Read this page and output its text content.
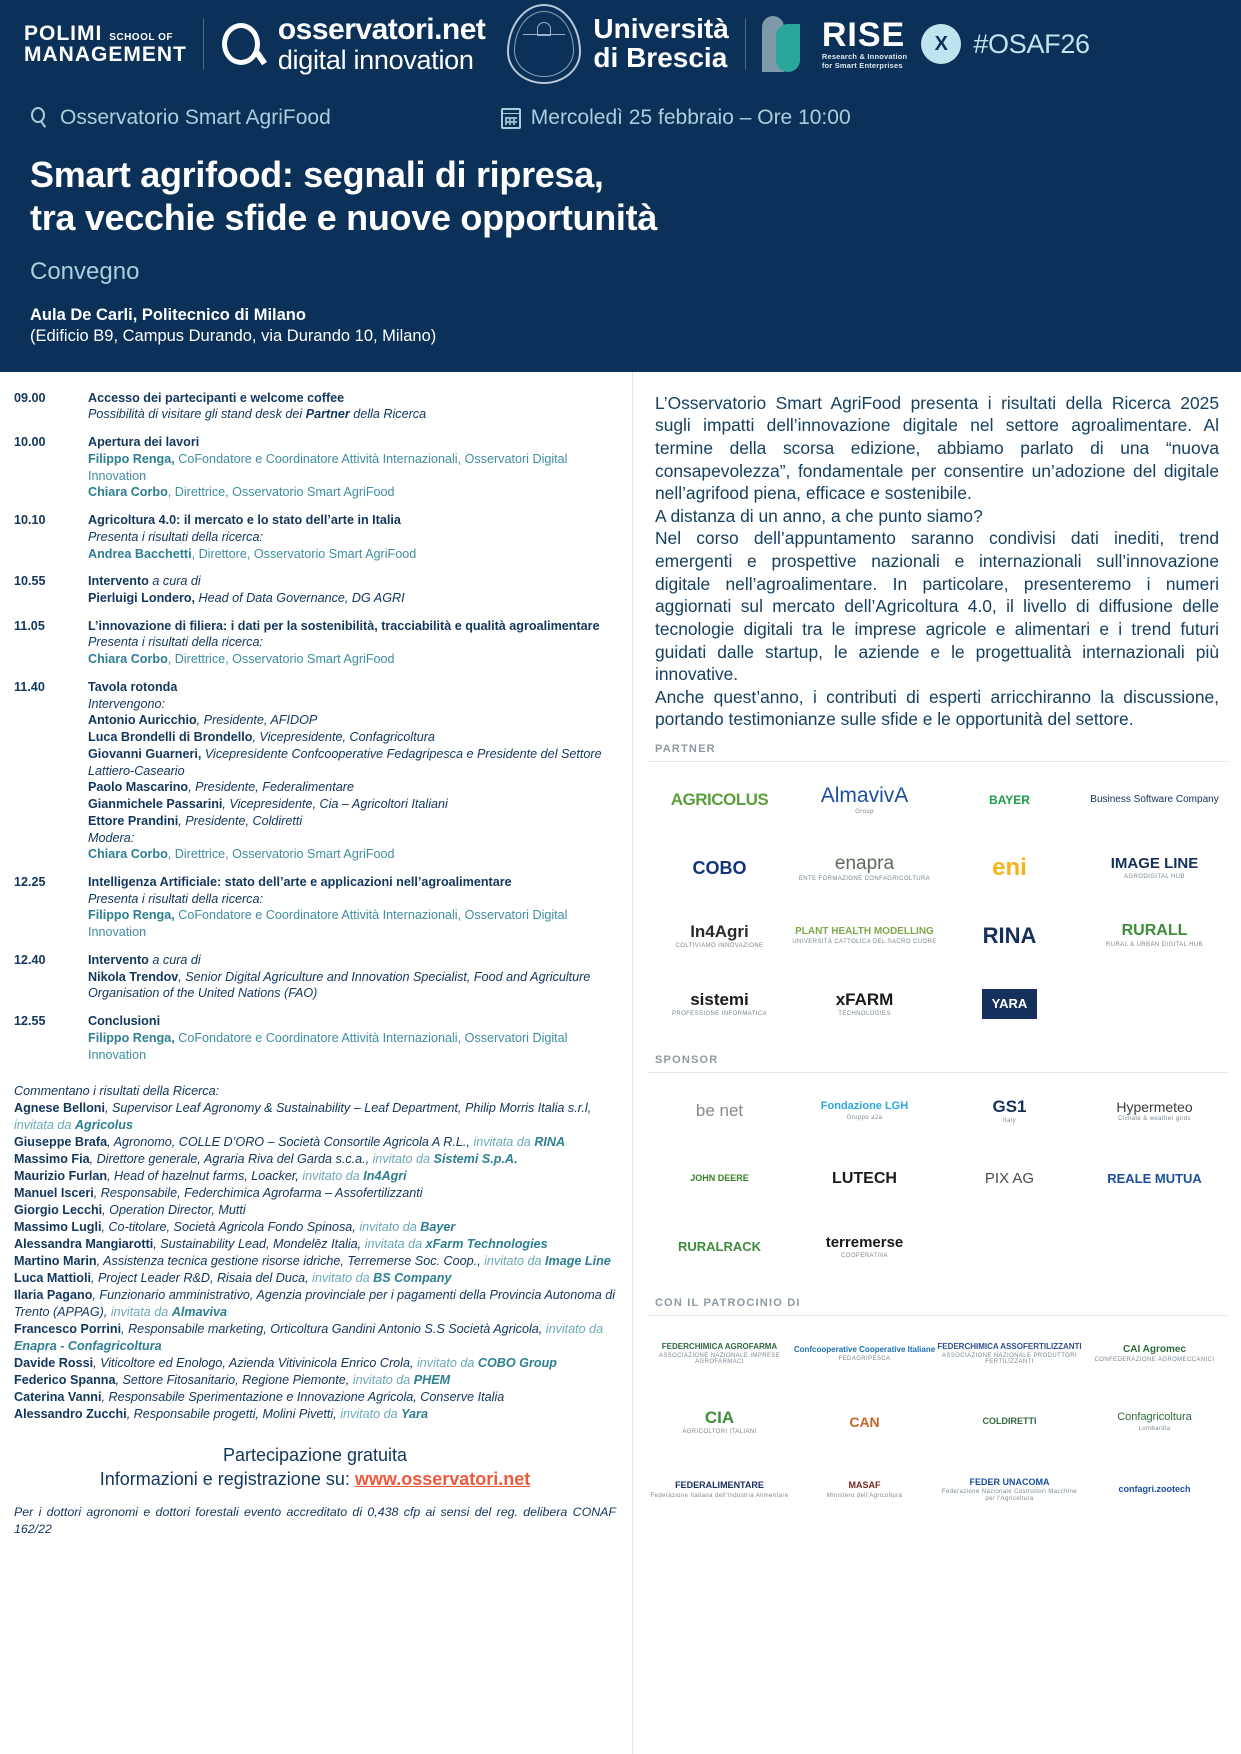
POLIMI SCHOOL OF
MANAGEMENT
osservatori.net
digital innovation
Università
di Brescia
RISE
Research & Innovation
for Smart Enterprises
X #OSAF26
Osservatorio Smart AgriFood	Mercoledì 25 febbraio – Ore 10:00
Smart agrifood: segnali di ripresa,
tra vecchie sfide e nuove opportunità
Convegno
Aula De Carli, Politecnico di Milano
(Edificio B9, Campus Durando, via Durando 10, Milano)
09.00	Accesso dei partecipanti e welcome coffee
Possibilità di visitare gli stand desk dei Partner della Ricerca
10.00	Apertura dei lavori
Filippo Renga, CoFondatore e Coordinatore Attività Internazionali, Osservatori Digital Innovation
Chiara Corbo, Direttrice, Osservatorio Smart AgriFood
10.10	Agricoltura 4.0: il mercato e lo stato dell’arte in Italia
Presenta i risultati della ricerca:
Andrea Bacchetti, Direttore, Osservatorio Smart AgriFood
10.55	Intervento a cura di
Pierluigi Londero, Head of Data Governance, DG AGRI
11.05	L’innovazione di filiera: i dati per la sostenibilità, tracciabilità e qualità agroalimentare
Presenta i risultati della ricerca:
Chiara Corbo, Direttrice, Osservatorio Smart AgriFood
11.40	Tavola rotonda
Intervengono:
Antonio Auricchio, Presidente, AFIDOP
Luca Brondelli di Brondello, Vicepresidente, Confagricoltura
Giovanni Guarneri, Vicepresidente Confcooperative Fedagripesca e Presidente del Settore Lattiero-Caseario
Paolo Mascarino, Presidente, Federalimentare
Gianmichele Passarini, Vicepresidente, Cia – Agricoltori Italiani
Ettore Prandini, Presidente, Coldiretti
Modera:
Chiara Corbo, Direttrice, Osservatorio Smart AgriFood
12.25	Intelligenza Artificiale: stato dell’arte e applicazioni nell’agroalimentare
Presenta i risultati della ricerca:
Filippo Renga, CoFondatore e Coordinatore Attività Internazionali, Osservatori Digital Innovation
12.40	Intervento a cura di
Nikola Trendov, Senior Digital Agriculture and Innovation Specialist, Food and Agriculture Organisation of the United Nations (FAO)
12.55	Conclusioni
Filippo Renga, CoFondatore e Coordinatore Attività Internazionali, Osservatori Digital Innovation
Commentano i risultati della Ricerca:
Agnese Belloni, Supervisor Leaf Agronomy & Sustainability – Leaf Department, Philip Morris Italia s.r.l, invitata da Agricolus
Giuseppe Brafa, Agronomo, COLLE D’ORO – Società Consortile Agricola A R.L., invitata da RINA
Massimo Fia, Direttore generale, Agraria Riva del Garda s.c.a., invitato da Sistemi S.p.A.
Maurizio Furlan, Head of hazelnut farms, Loacker, invitato da In4Agri
Manuel Isceri, Responsabile, Federchimica Agrofarma – Assofertilizzanti
Giorgio Lecchi, Operation Director, Mutti
Massimo Lugli, Co-titolare, Società Agricola Fondo Spinosa, invitato da Bayer
Alessandra Mangiarotti, Sustainability Lead, Mondelēz Italia, invitata da xFarm Technologies
Martino Marin, Assistenza tecnica gestione risorse idriche, Terremerse Soc. Coop., invitato da Image Line
Luca Mattioli, Project Leader R&D, Risaia del Duca, invitato da BS Company
Ilaria Pagano, Funzionario amministrativo, Agenzia provinciale per i pagamenti della Provincia Autonoma di Trento (APPAG), invitata da Almaviva
Francesco Porrini, Responsabile marketing, Orticoltura Gandini Antonio S.S Società Agricola, invitato da Enapra - Confagricoltura
Davide Rossi, Viticoltore ed Enologo, Azienda Vitivinicola Enrico Crola, invitato da COBO Group
Federico Spanna, Settore Fitosanitario, Regione Piemonte, invitato da PHEM
Caterina Vanni, Responsabile Sperimentazione e Innovazione Agricola, Conserve Italia
Alessandro Zucchi, Responsabile progetti, Molini Pivetti, invitato da Yara
Partecipazione gratuita
Informazioni e registrazione su: www.osservatori.net
Per i dottori agronomi e dottori forestali evento accreditato di 0,438 cfp ai sensi del reg. delibera CONAF 162/22

L’Osservatorio Smart AgriFood presenta i risultati della Ricerca 2025 sugli impatti dell’innovazione digitale nel settore agroalimentare. Al termine della scorsa edizione, abbiamo parlato di una “nuova consapevolezza”, fondamentale per consentire un’adozione del digitale nell’agrifood piena, efficace e sostenibile.

A distanza di un anno, a che punto siamo?

Nel corso dell’appuntamento saranno condivisi dati inediti, trend emergenti e prospettive nazionali e internazionali sull’innovazione digitale nell’agroalimentare. In particolare, presenteremo i numeri aggiornati sul mercato dell’Agricoltura 4.0, il livello di diffusione delle tecnologie digitali tra le imprese agricole e alimentari e i trend futuri guidati dalle startup, le aziende e le progettualità internazionali più innovative.

Anche quest’anno, i contributi di esperti arricchiranno la discussione, portando testimonianze sulle sfide e le opportunità del settore.

PARTNER
AGRICOLUS AlmavivA
Group
BAYER	Business Software Company
COBO	enapra
ENTE FORMAZIONE CONFAGRICOLTURA	eni	IMAGE LINE
AGRODIGITAL HUB
In4Agri
COLTIVIAMO INNOVAZIONE
PLANT HEALTH MODELLING
UNIVERSITÀ CATTOLICA DEL SACRO CUORE RINA	RURALL
RURAL & URBAN DIGITAL HUB
sistemi
PROFESSIONE INFORMATICA
xFARM
TECHNOLOGIES
YARA
SPONSOR
be net	Fondazione LGH
Gruppo a2a
GS1
Italy
Hypermeteo
Climate & weather grids
JOHN DEERE	LUTECH	PIX AG	REALE MUTUA
RURALRACK	terremerse
COOPERATIVA
CON IL PATROCINIO DI
FEDERCHIMICA AGROFARMA
ASSOCIAZIONE NAZIONALE IMPRESE AGROFARMACI
Confcooperative Cooperative Italiane
FEDAGRIPESCA
FEDERCHIMICA ASSOFERTILIZZANTI
ASSOCIAZIONE NAZIONALE PRODUTTORI FERTILIZZANTI
CAI Agromec
CONFEDERAZIONE AGROMECCANICI
CIA
AGRICOLTORI ITALIANI
CAN	COLDIRETTI	Confagricoltura
Lombardia
FEDERALIMENTARE
Federazione Italiana dell'Industria Alimentare
MASAF
Ministero dell'Agricoltura
FEDER UNACOMA
Federazione Nazionale Costruttori Macchine per l'Agricoltura
confagri.zootech
